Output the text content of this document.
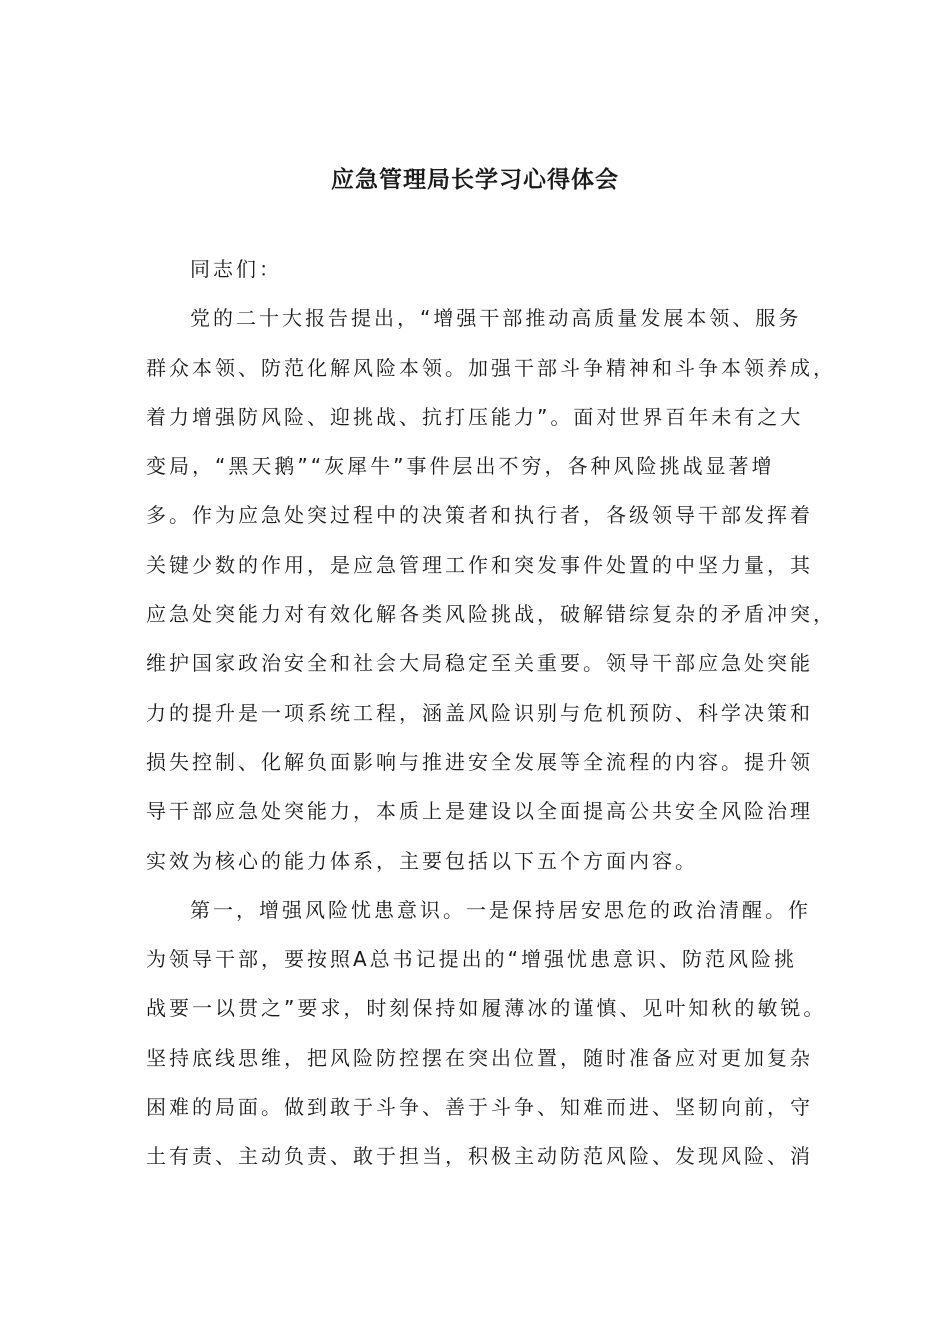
应急管理局长学习心得体会
同志们：
党的二十大报告提出，“增强干部推动高质量发展本领、服务
群众本领、防范化解风险本领。加强干部斗争精神和斗争本领养成，
着力增强防风险、迎挑战、抗打压能力”。面对世界百年未有之大
变局，“黑天鹅”“灰犀牛”事件层出不穷，各种风险挑战显著增
多。作为应急处突过程中的决策者和执行者，各级领导干部发挥着
关键少数的作用，是应急管理工作和突发事件处置的中坚力量，其
应急处突能力对有效化解各类风险挑战，破解错综复杂的矛盾冲突，
维护国家政治安全和社会大局稳定至关重要。领导干部应急处突能
力的提升是一项系统工程，涵盖风险识别与危机预防、科学决策和
损失控制、化解负面影响与推进安全发展等全流程的内容。提升领
导干部应急处突能力，本质上是建设以全面提高公共安全风险治理
实效为核心的能力体系，主要包括以下五个方面内容。
第一，增强风险忧患意识。一是保持居安思危的政治清醒。作
为领导干部，要按照A总书记提出的“增强忧患意识、防范风险挑
战要一以贯之”要求，时刻保持如履薄冰的谨慎、见叶知秋的敏锐。
坚持底线思维，把风险防控摆在突出位置，随时准备应对更加复杂
困难的局面。做到敢于斗争、善于斗争、知难而进、坚韧向前，守
土有责、主动负责、敢于担当，积极主动防范风险、发现风险、消
